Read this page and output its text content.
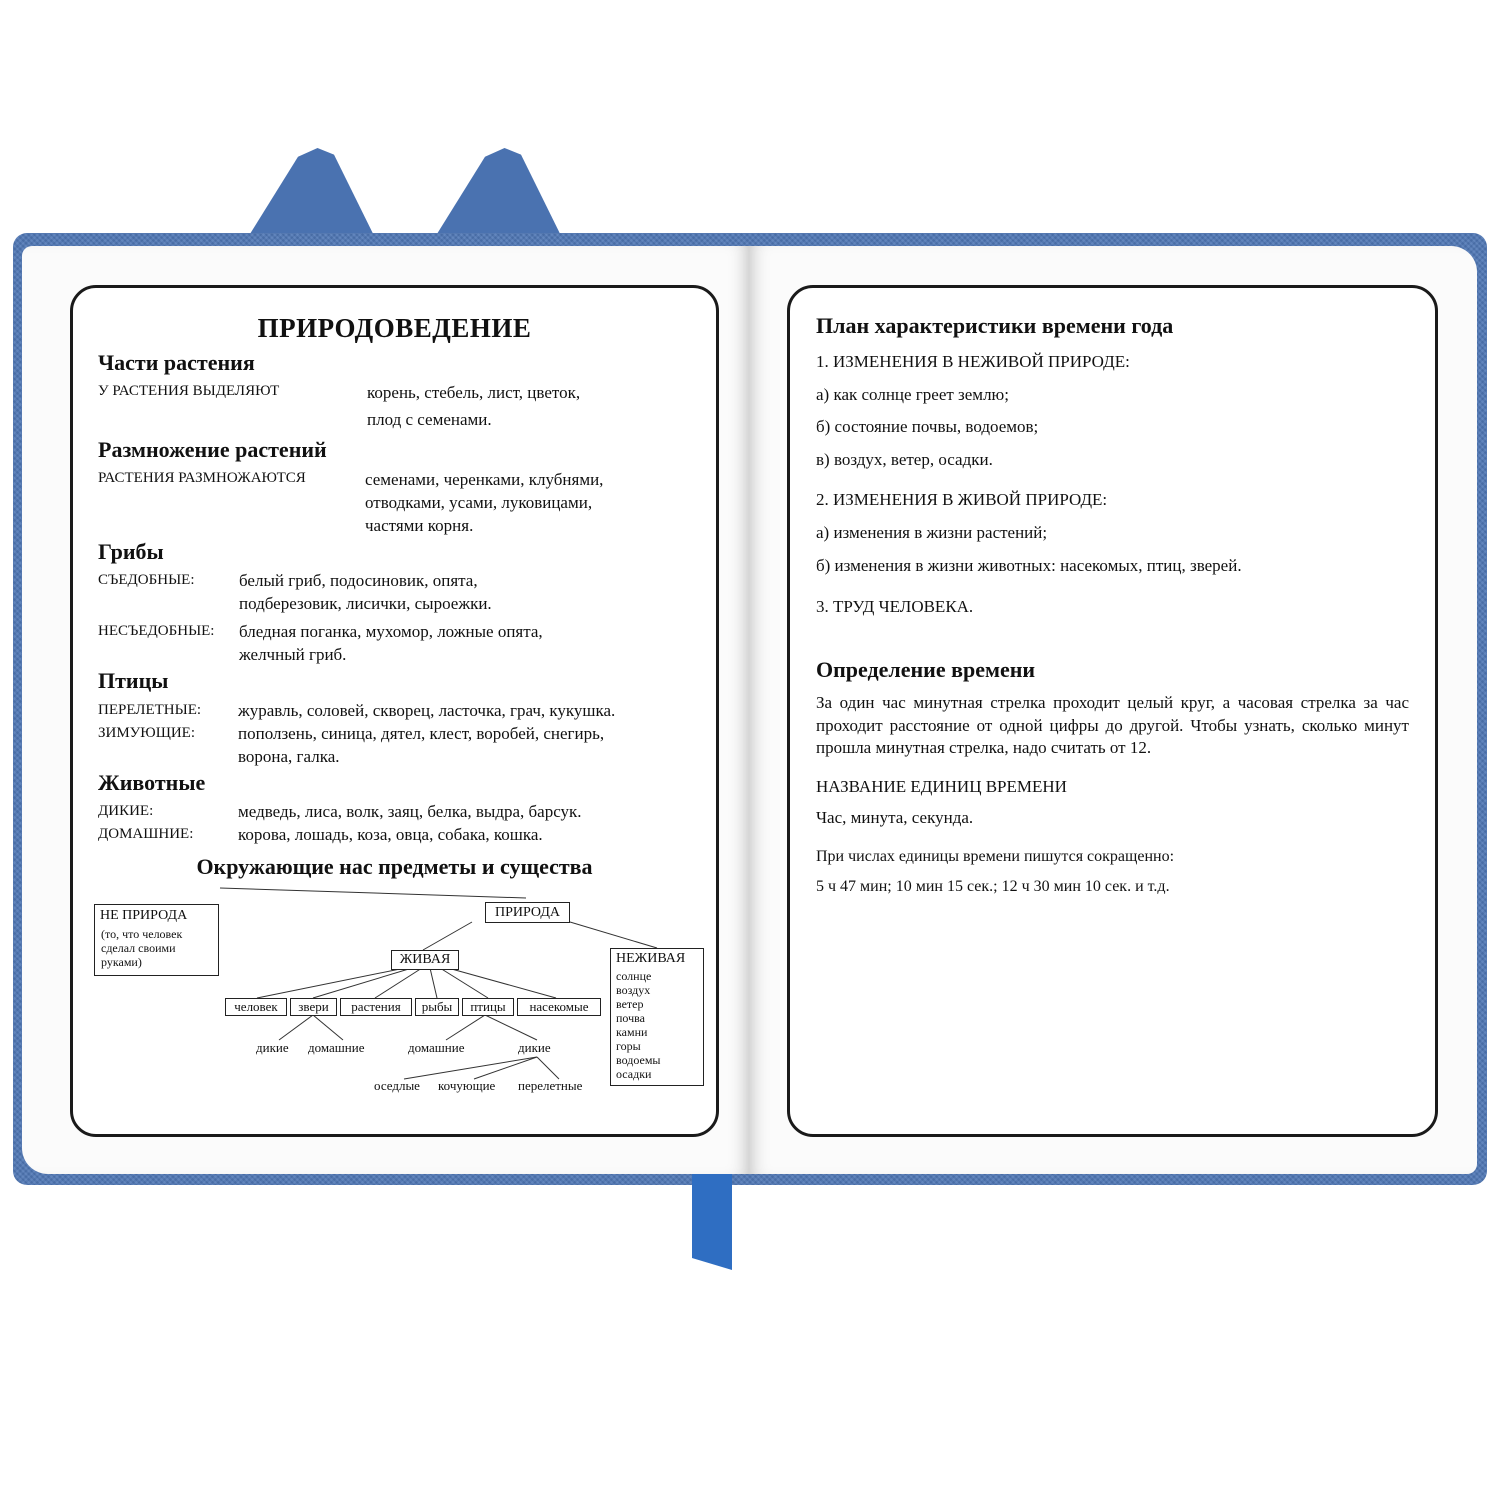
ПРИРОДОВЕДЕНИЕ
Части растения
У РАСТЕНИЯ ВЫДЕЛЯЮТ	корень, стебель, лист, цветок,
плод с семенами.
Размножение растений
РАСТЕНИЯ РАЗМНОЖАЮТСЯ	семенами, черенками, клубнями,
отводками, усами, луковицами,
частями корня.
Грибы
СЪЕДОБНЫЕ:	белый гриб, подосиновик, опята,
подберезовик, лисички, сыроежки.
НЕСЪЕДОБНЫЕ: бледная поганка, мухомор, ложные опята,
желчный гриб.
Птицы
ПЕРЕЛЕТНЫЕ: журавль, соловей, скворец, ласточка, грач, кукушка.
ЗИМУЮЩИЕ:	поползень, синица, дятел, клест, воробей, снегирь,
ворона, галка.
Животные
ДИКИЕ:	медведь, лиса, волк, заяц, белка, выдра, барсук.
ДОМАШНИЕ:	корова, лошадь, коза, овца, собака, кошка.
Окружающие нас предметы и существа
НЕ ПРИРОДА
(то, что человек
сделал своими
руками)
ПРИРОДА
ЖИВАЯ	НЕЖИВАЯ
солнце
воздух
ветер
почва
камни
горы
водоемы
осадки
человек	звери	растения	рыбы	птицы	насекомые
дикие домашние	домашние	дикие
оседлые кочующие перелетные
План характеристики времени года
1. ИЗМЕНЕНИЯ В НЕЖИВОЙ ПРИРОДЕ:
а) как солнце греет землю;
б) состояние почвы, водоемов;
в) воздух, ветер, осадки.
2. ИЗМЕНЕНИЯ В ЖИВОЙ ПРИРОДЕ:
а) изменения в жизни растений;
б) изменения в жизни животных: насекомых, птиц, зверей.
3. ТРУД ЧЕЛОВЕКА.
Определение времени
За один час минутная стрелка проходит целый круг, а часовая стрелка за час проходит расстояние от одной цифры до другой. Чтобы узнать, сколько минут прошла минутная стрелка, надо считать от 12.
НАЗВАНИЕ ЕДИНИЦ ВРЕМЕНИ
Час, минута, секунда.
При числах единицы времени пишутся сокращенно:
5 ч 47 мин; 10 мин 15 сек.; 12 ч 30 мин 10 сек. и т.д.
